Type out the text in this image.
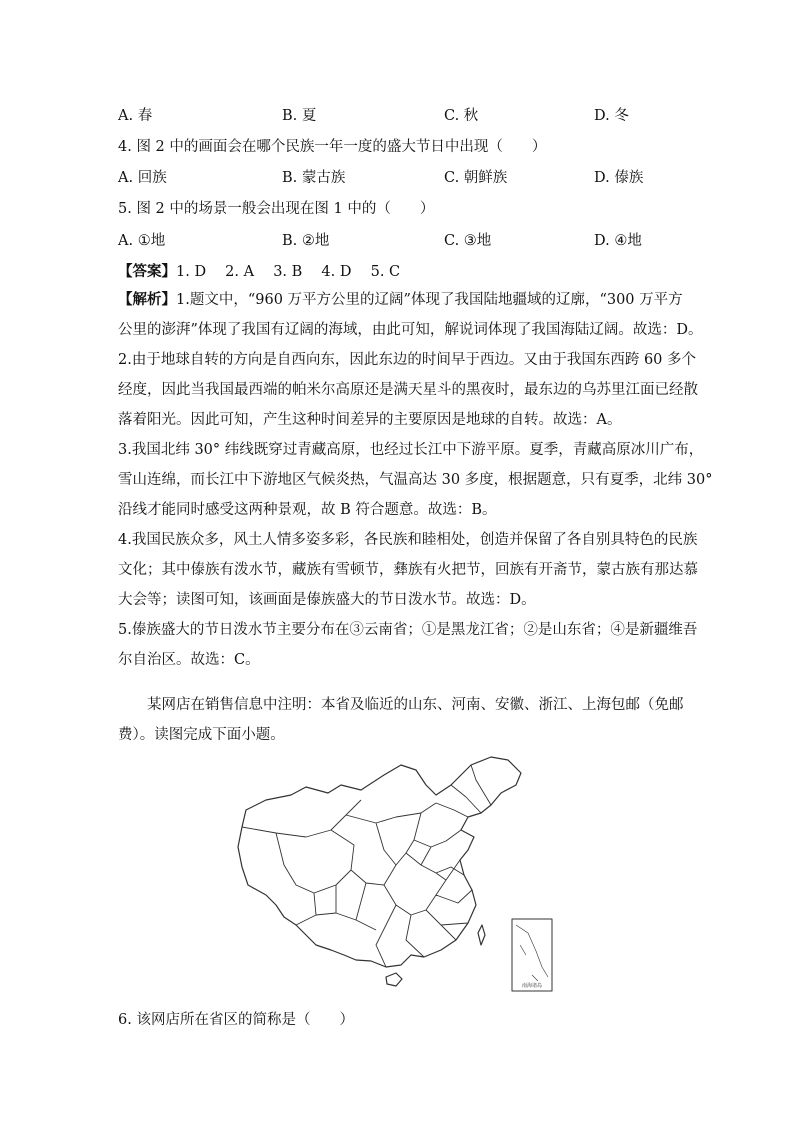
A. 春	B. 夏	C. 秋	D. 冬
4. 图 2 中的画面会在哪个民族一年一度的盛大节日中出现（　　）
A. 回族	B. 蒙古族	C. 朝鲜族	D. 傣族
5. 图 2 中的场景一般会出现在图 1 中的（　　）
A. ①地	B. ②地	C. ③地	D. ④地
【答案】1. D　 2. A　 3. B　 4. D　 5. C
【解析】1.题文中，“960 万平方公里的辽阔”体现了我国陆地疆域的辽廓，“300 万平方
公里的澎湃”体现了我国有辽阔的海域，由此可知，解说词体现了我国海陆辽阔。故选：D。
2.由于地球自转的方向是自西向东，因此东边的时间早于西边。又由于我国东西跨 60 多个
经度，因此当我国最西端的帕米尔高原还是满天星斗的黑夜时，最东边的乌苏里江面已经散
落着阳光。因此可知，产生这种时间差异的主要原因是地球的自转。故选：A。
3.我国北纬 30° 纬线既穿过青藏高原，也经过长江中下游平原。夏季，青藏高原冰川广布，
雪山连绵，而长江中下游地区气候炎热，气温高达 30 多度，根据题意，只有夏季，北纬 30°
沿线才能同时感受这两种景观，故 B 符合题意。故选：B。
4.我国民族众多，风土人情多姿多彩，各民族和睦相处，创造并保留了各自别具特色的民族
文化；其中傣族有泼水节，藏族有雪顿节，彝族有火把节，回族有开斋节，蒙古族有那达慕
大会等；读图可知，该画面是傣族盛大的节日泼水节。故选：D。
5.傣族盛大的节日泼水节主要分布在③云南省；①是黑龙江省；②是山东省；④是新疆维吾
尔自治区。故选：C。
　　某网店在销售信息中注明：本省及临近的山东、河南、安徽、浙江、上海包邮（免邮
费）。读图完成下面小题。
南海诸岛
6. 该网店所在省区的简称是（　　）
